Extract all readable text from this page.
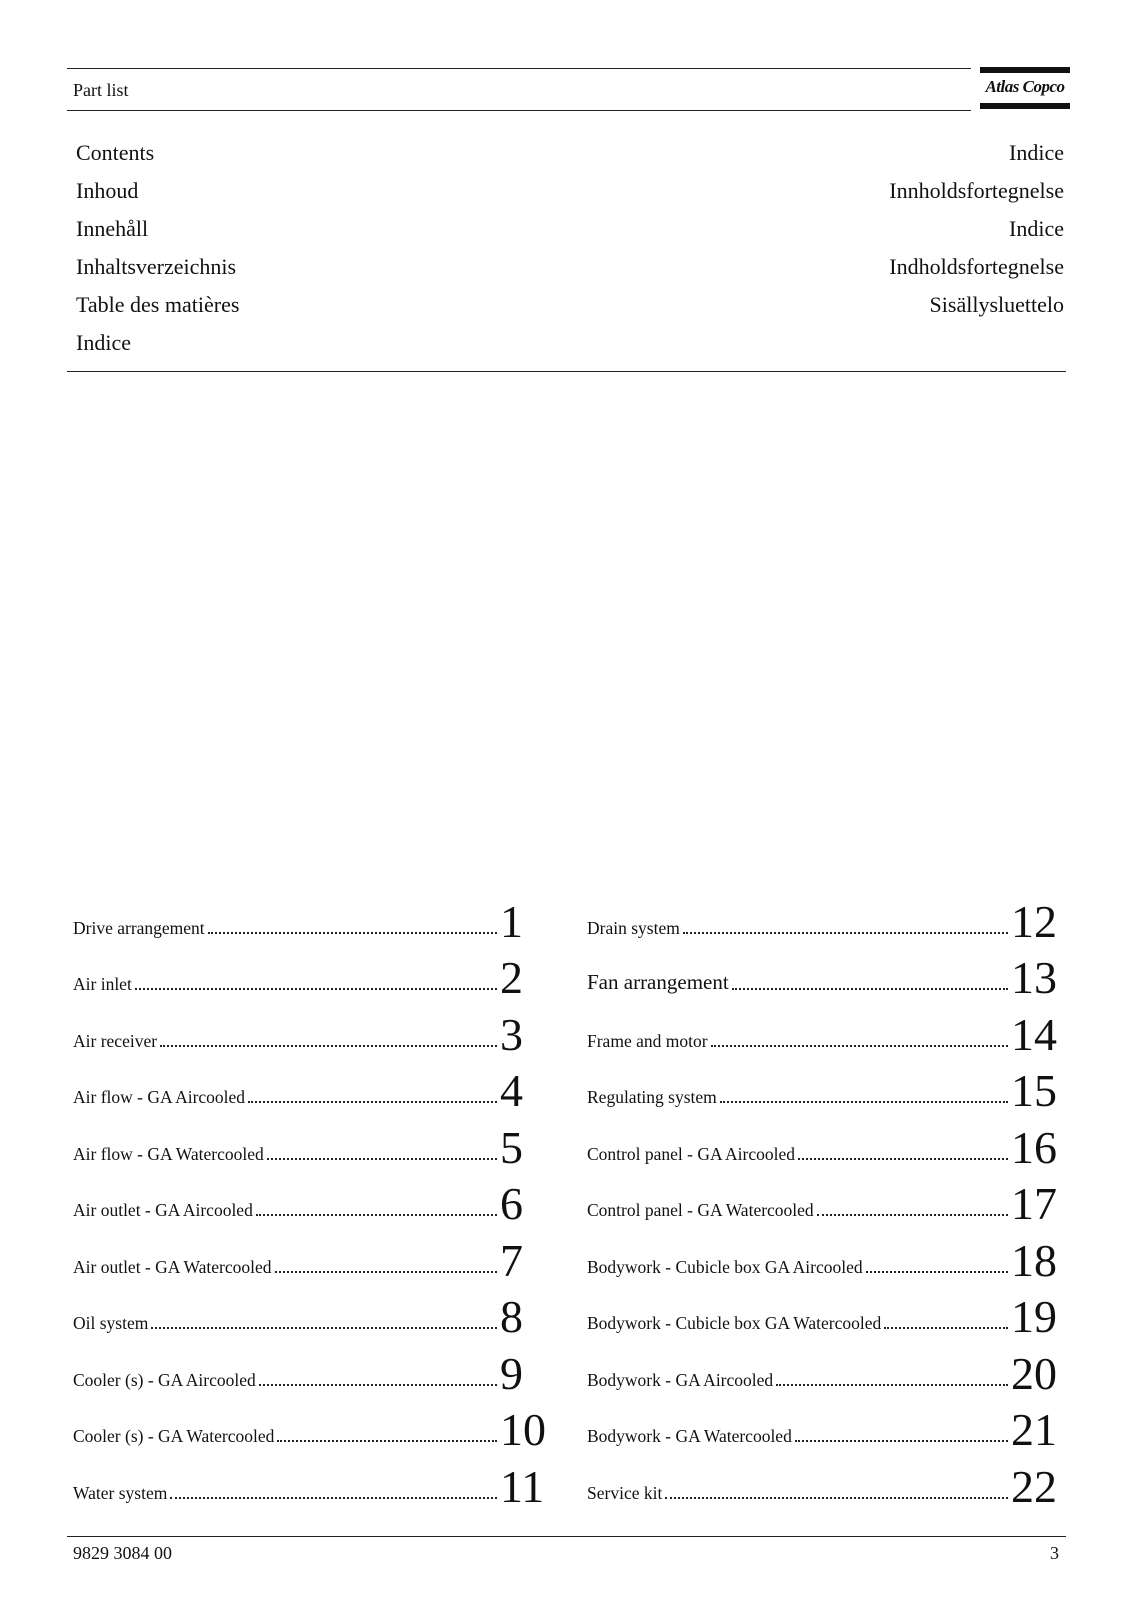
Part list	Atlas Copco
Contents	Indice
Inhoud	Innholdsfortegnelse
Innehåll	Indice
Inhaltsverzeichnis	Indholdsfortegnelse
Table des matières	Sisällysluettelo
Indice
Drive arrangement	1
Air inlet	2
Air receiver	3
Air flow - GA Aircooled	4
Air flow - GA Watercooled	5
Air outlet - GA Aircooled	6
Air outlet - GA Watercooled	7
Oil system	8
Cooler (s) - GA Aircooled	9
Cooler (s) - GA Watercooled	10
Water system	11
Drain system	12
Fan arrangement	13
Frame and motor	14
Regulating system	15
Control panel - GA Aircooled	16
Control panel - GA Watercooled	17
Bodywork - Cubicle box GA Aircooled	18
Bodywork - Cubicle box GA Watercooled	19
Bodywork - GA Aircooled	20
Bodywork - GA Watercooled	21
Service kit	22
9829 3084 00	3
